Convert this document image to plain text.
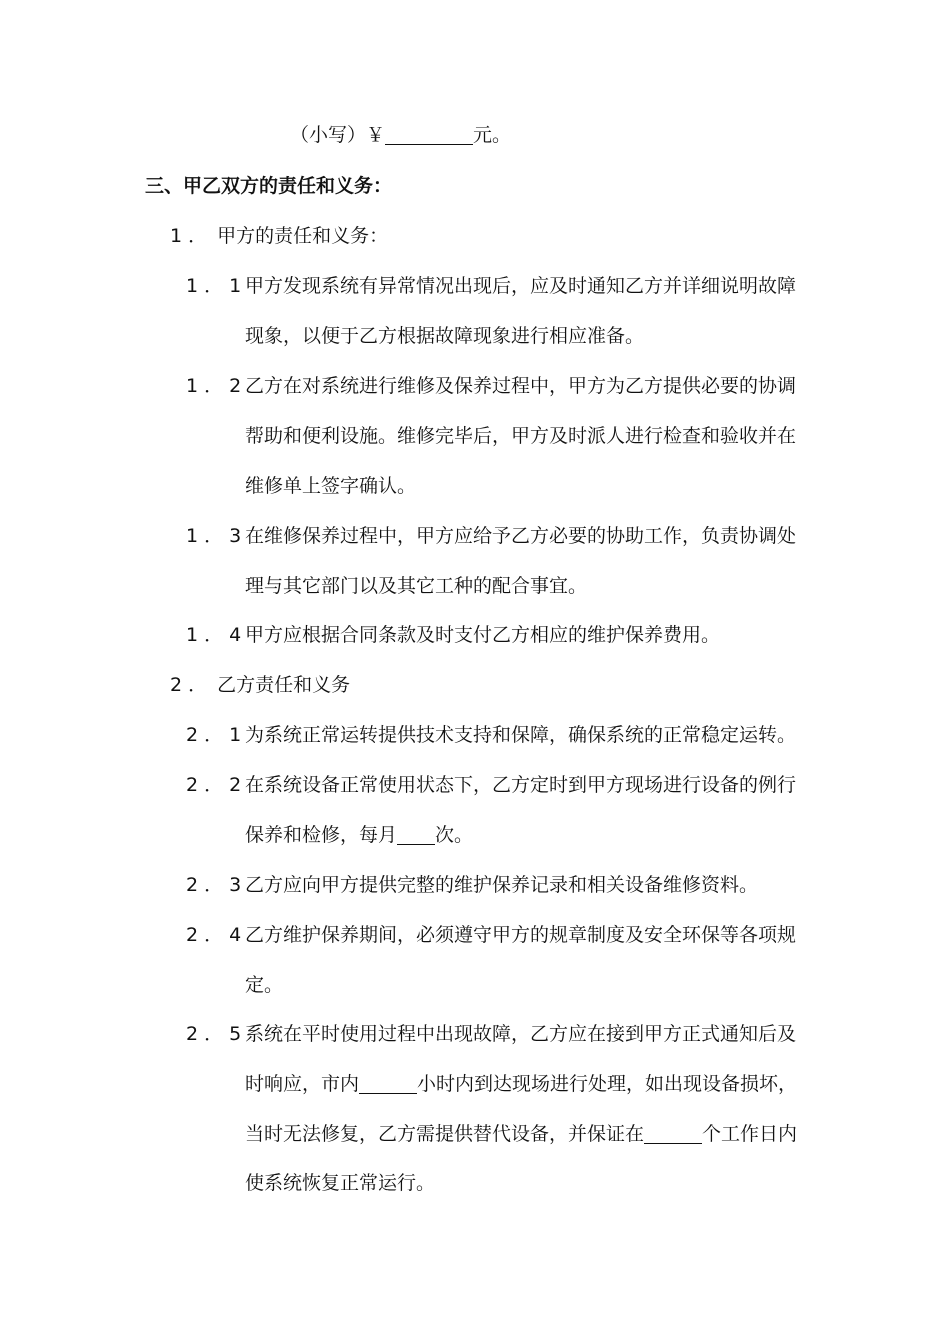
（小写）￥	元。
三、甲乙双方的责任和义务：
1． 甲方的责任和义务：
1．1
甲方发现系统有异常情况出现后，应及时通知乙方并详细说明故障
现象，以便于乙方根据故障现象进行相应准备。
1．2
乙方在对系统进行维修及保养过程中，甲方为乙方提供必要的协调
帮助和便利设施。维修完毕后，甲方及时派人进行检查和验收并在
维修单上签字确认。
1．3
在维修保养过程中，甲方应给予乙方必要的协助工作，负责协调处
理与其它部门以及其它工种的配合事宜。
1．4
甲方应根据合同条款及时支付乙方相应的维护保养费用。
2． 乙方责任和义务
2．1
为系统正常运转提供技术支持和保障，确保系统的正常稳定运转。
2．2
在系统设备正常使用状态下，乙方定时到甲方现场进行设备的例行
保养和检修，每月 次。
2．3
乙方应向甲方提供完整的维护保养记录和相关设备维修资料。
2．4
乙方维护保养期间，必须遵守甲方的规章制度及安全环保等各项规
定。
2．5
系统在平时使用过程中出现故障，乙方应在接到甲方正式通知后及
时响应，市内	小时内到达现场进行处理，如出现设备损坏，
当时无法修复，乙方需提供替代设备，并保证在	个工作日内
使系统恢复正常运行。
